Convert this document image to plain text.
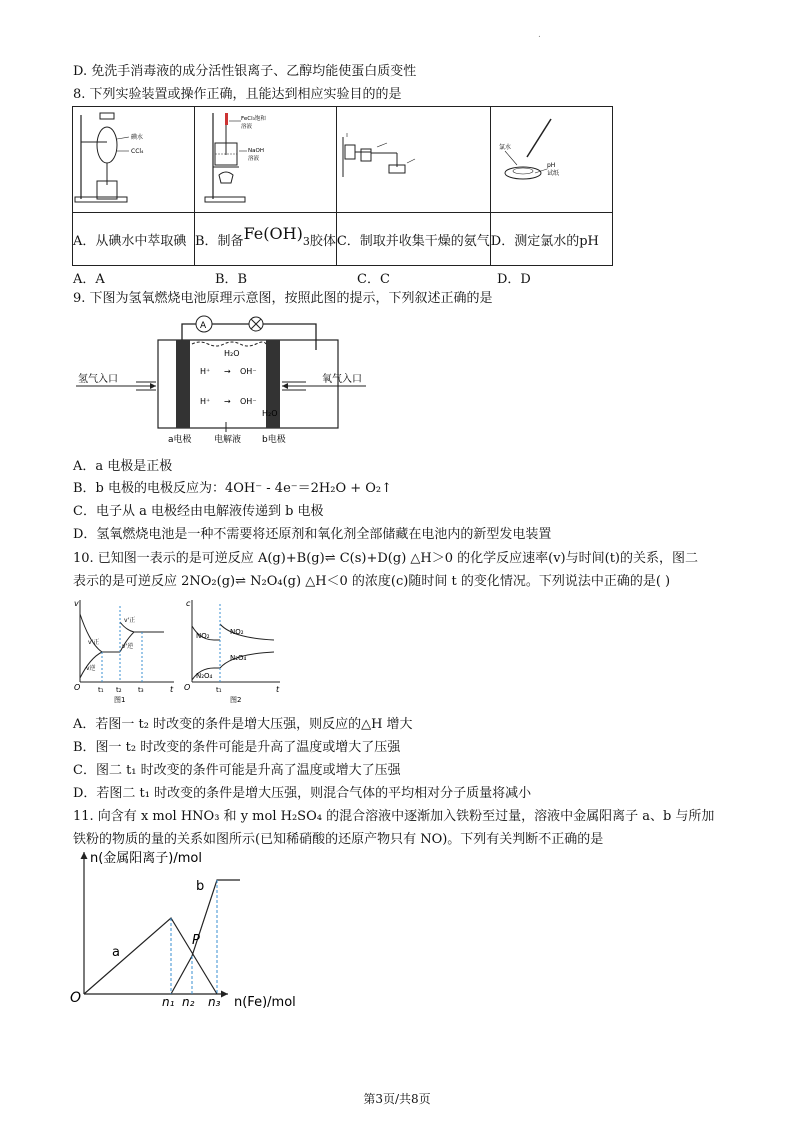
.
D. 免洗手消毒液的成分活性银离子、乙醇均能使蛋白质变性
8. 下列实验装置或操作正确，且能达到相应实验目的的是
碘水
CCl₄	FeCl₃饱和
溶液
NaOH
溶液		氯水
pH
试纸

A．从碘水中萃取碘	B．制备Fe(OH)3胶体	C．制取并收集干燥的氨气	D．测定氯水的pH
A．A	B．B	C．C	D．D
9. 下图为氢氧燃烧电池原理示意图，按照此图的提示，下列叙述正确的是
A
氢气入口	氧气入口
H₂O
H⁺ → OH⁻
H⁺ → OH⁻
H₂O
a电极 电解液 b电极
A．a 电极是正极
B．b 电极的电极反应为：4OH⁻ - 4e⁻＝2H₂O + O₂↑
C．电子从 a 电极经由电解液传递到 b 电极
D．氢氧燃烧电池是一种不需要将还原剂和氧化剂全部储藏在电池内的新型发电装置
10. 已知图一表示的是可逆反应 A(g)+B(g)⇌ C(s)+D(g) △H＞0 的化学反应速率(v)与时间(t)的关系，图二
表示的是可逆反应 2NO₂(g)⇌ N₂O₄(g) △H＜0 的浓度(c)随时间 t 的变化情况。下列说法中正确的是( )
v
t
O
v'正
v逆
v'正
v'逆
t₁ t₂ t₃
图1
c
t
O
NO₂	NO₂
N₂O₄
N₂O₄
t₁
图2
A．若图一 t₂ 时改变的条件是增大压强，则反应的△H 增大
B．图一 t₂ 时改变的条件可能是升高了温度或增大了压强
C．图二 t₁ 时改变的条件可能是升高了温度或增大了压强
D．若图二 t₁ 时改变的条件是增大压强，则混合气体的平均相对分子质量将减小
11. 向含有 x mol HNO₃ 和 y mol H₂SO₄ 的混合溶液中逐渐加入铁粉至过量，溶液中金属阳离子 a、b 与所加
铁粉的物质的量的关系如图所示(已知稀硝酸的还原产物只有 NO)。下列有关判断不正确的是
n(金属阳离子)/mol
n(Fe)/mol
O
a
b
P
n₁ n₂ n₃
第3页/共8页
